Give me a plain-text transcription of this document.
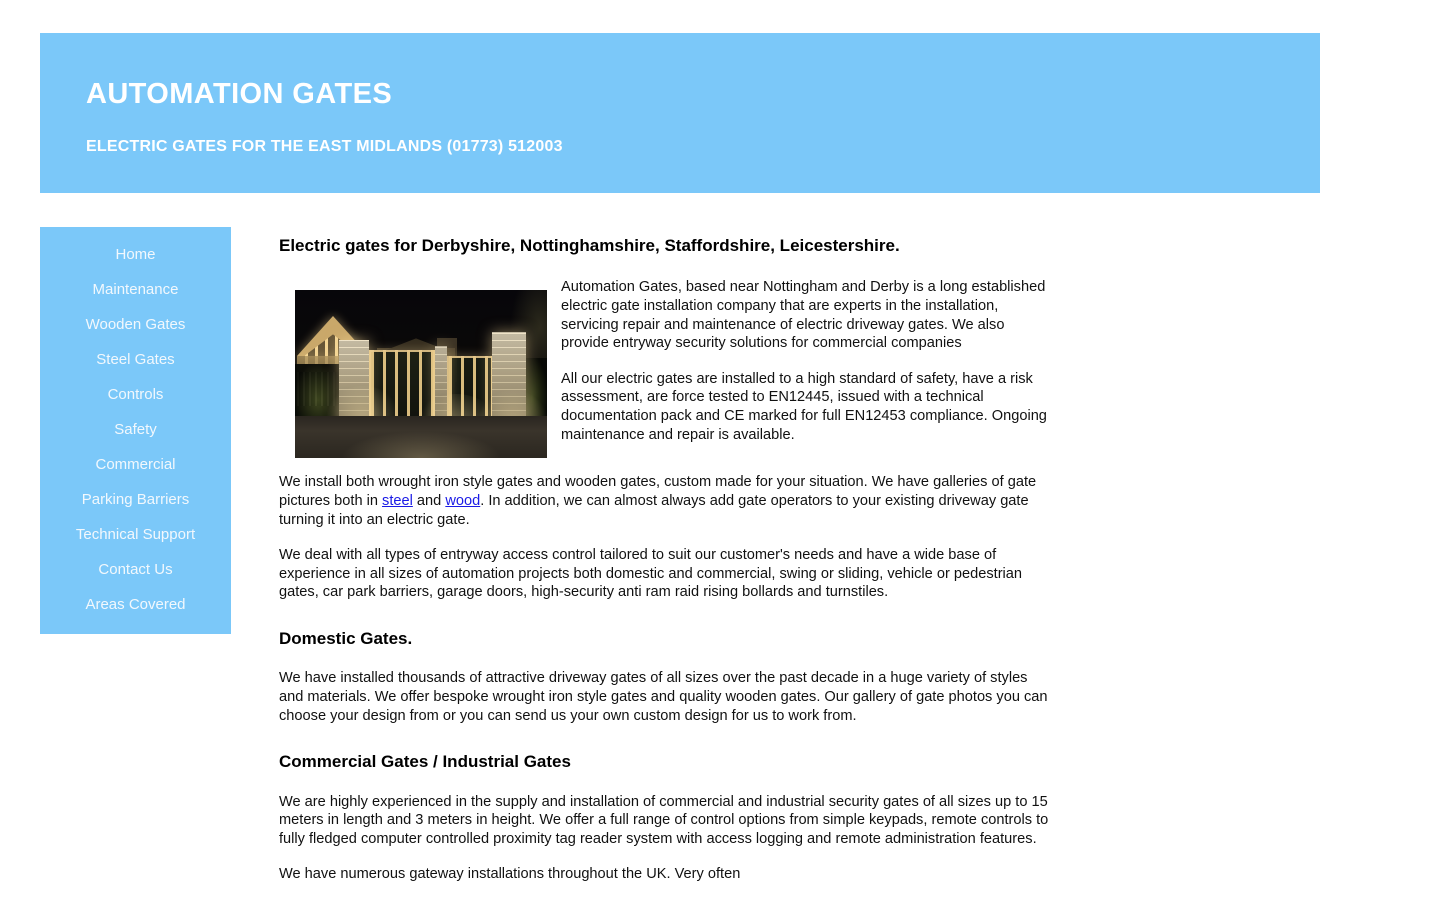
AUTOMATION GATES
ELECTRIC GATES FOR THE EAST MIDLANDS (01773) 512003
Home
Maintenance
Wooden Gates
Steel Gates
Controls
Safety
Commercial
Parking Barriers
Technical Support
Contact Us
Areas Covered
Electric gates for Derbyshire, Nottinghamshire, Staffordshire, Leicestershire.

Automation Gates, based near Nottingham and Derby is a long established electric gate installation company that are experts in the installation, servicing repair and maintenance of electric driveway gates. We also provide entryway security solutions for commercial companies

All our electric gates are installed to a high standard of safety, have a risk assessment, are force tested to EN12445, issued with a technical documentation pack and CE marked for full EN12453 compliance. Ongoing maintenance and repair is available.

We install both wrought iron style gates and wooden gates, custom made for your situation. We have galleries of gate pictures both in steel and wood. In addition, we can almost always add gate operators to your existing driveway gate turning it into an electric gate.

We deal with all types of entryway access control tailored to suit our customer's needs and have a wide base of experience in all sizes of automation projects both domestic and commercial, swing or sliding, vehicle or pedestrian gates, car park barriers, garage doors, high-security anti ram raid rising bollards and turnstiles.

Domestic Gates.

We have installed thousands of attractive driveway gates of all sizes over the past decade in a huge variety of styles and materials. We offer bespoke wrought iron style gates and quality wooden gates. Our gallery of gate photos you can choose your design from or you can send us your own custom design for us to work from.

Commercial Gates / Industrial Gates

We are highly experienced in the supply and installation of commercial and industrial security gates of all sizes up to 15 meters in length and 3 meters in height. We offer a full range of control options from simple keypads, remote controls to fully fledged computer controlled proximity tag reader system with access logging and remote administration features.

We have numerous gateway installations throughout the UK. Very often
